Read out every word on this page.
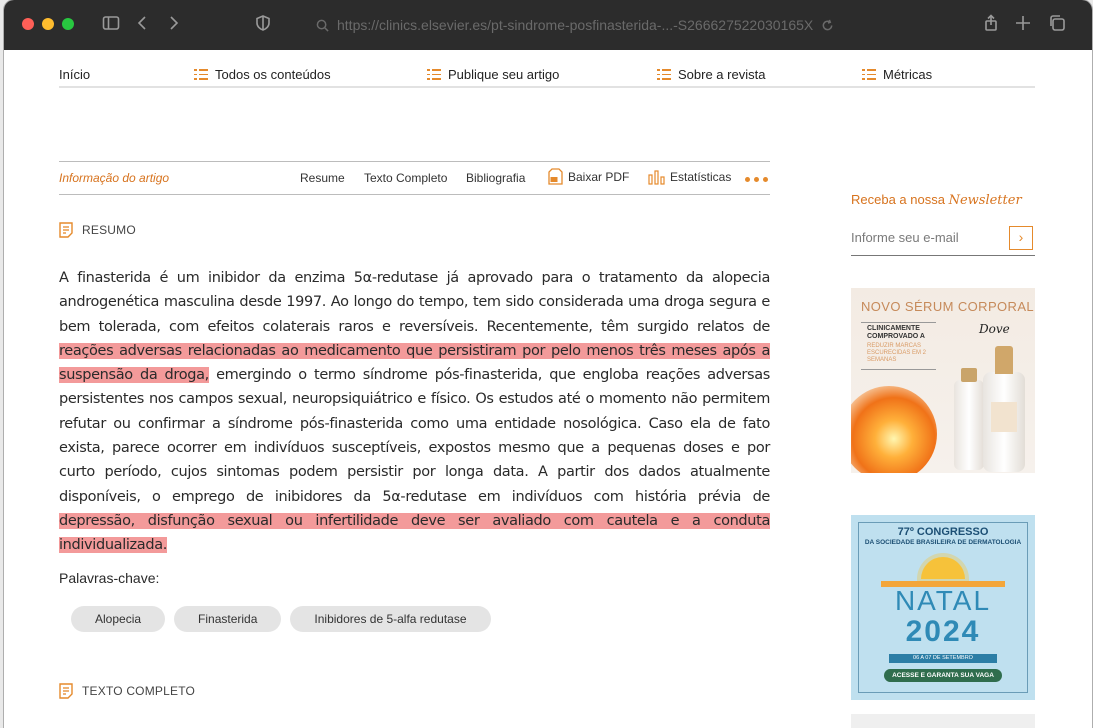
https://clinics.elsevier.es/pt-sindrome-posfinasterida-...-S266627522030165X
Início	Todos os conteúdos	Publique seu artigo	Sobre a revista	Métricas
Informação do artigo	Resume Texto Completo Bibliografia	Baixar PDF	Estatísticas
RESUMO

A finasterida é um inibidor da enzima 5α-redutase já aprovado para o tratamento da alopecia androgenética masculina desde 1997. Ao longo do tempo, tem sido considerada uma droga segura e bem tolerada, com efeitos colaterais raros e reversíveis. Recentemente, têm surgido relatos de reações adversas relacionadas ao medicamento que persistiram por pelo menos três meses após a suspensão da droga, emergindo o termo síndrome pós-finasterida, que engloba reações adversas persistentes nos campos sexual, neuropsiquiátrico e físico. Os estudos até o momento não permitem refutar ou confirmar a síndrome pós-finasterida como uma entidade nosológica. Caso ela de fato exista, parece ocorrer em indivíduos susceptíveis, expostos mesmo que a pequenas doses e por curto período, cujos sintomas podem persistir por longa data. A partir dos dados atualmente disponíveis, o emprego de inibidores da 5α-redutase em indivíduos com história prévia de depressão, disfunção sexual ou infertilidade deve ser avaliado com cautela e a conduta individualizada.

Palavras-chave:
Alopecia	Finasterida	Inibidores de 5-alfa redutase
TEXTO COMPLETO
Receba a nossa Newsletter
Informe seu e-mail
›
NOVO SÉRUM CORPORAL
CLINICAMENTE COMPROVADO A
REDUZIR MARCAS ESCURECIDAS EM 2 SEMANAS
Dove
77º CONGRESSO
DA SOCIEDADE BRASILEIRA DE DERMATOLOGIA
NATAL
2024
06 A 07 DE SETEMBRO
ACESSE E GARANTA SUA VAGA
